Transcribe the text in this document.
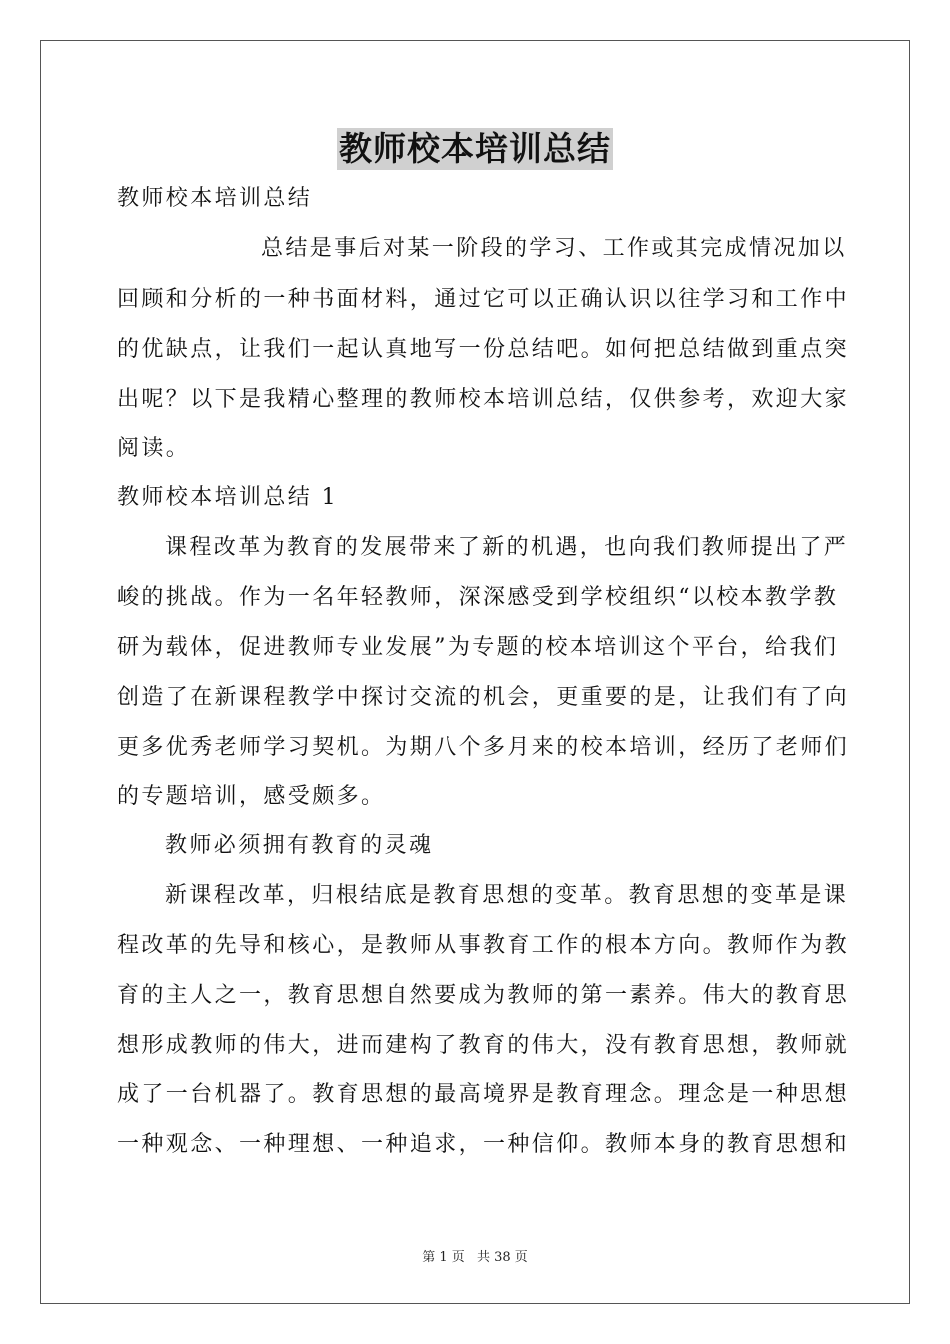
教师校本培训总结
教师校本培训总结
总结是事后对某一阶段的学习、工作或其完成情况加以
回顾和分析的一种书面材料，通过它可以正确认识以往学习和工作中
的优缺点，让我们一起认真地写一份总结吧。如何把总结做到重点突
出呢？以下是我精心整理的教师校本培训总结，仅供参考，欢迎大家
阅读。
教师校本培训总结 1
课程改革为教育的发展带来了新的机遇，也向我们教师提出了严
峻的挑战。作为一名年轻教师，深深感受到学校组织“以校本教学教
研为载体，促进教师专业发展”为专题的校本培训这个平台，给我们
创造了在新课程教学中探讨交流的机会，更重要的是，让我们有了向
更多优秀老师学习契机。为期八个多月来的校本培训，经历了老师们
的专题培训，感受颇多。
教师必须拥有教育的灵魂
新课程改革，归根结底是教育思想的变革。教育思想的变革是课
程改革的先导和核心，是教师从事教育工作的根本方向。教师作为教
育的主人之一，教育思想自然要成为教师的第一素养。伟大的教育思
想形成教师的伟大，进而建构了教育的伟大，没有教育思想，教师就
成了一台机器了。教育思想的最高境界是教育理念。理念是一种思想
一种观念、一种理想、一种追求，一种信仰。教师本身的教育思想和
第 1 页 共 38 页
